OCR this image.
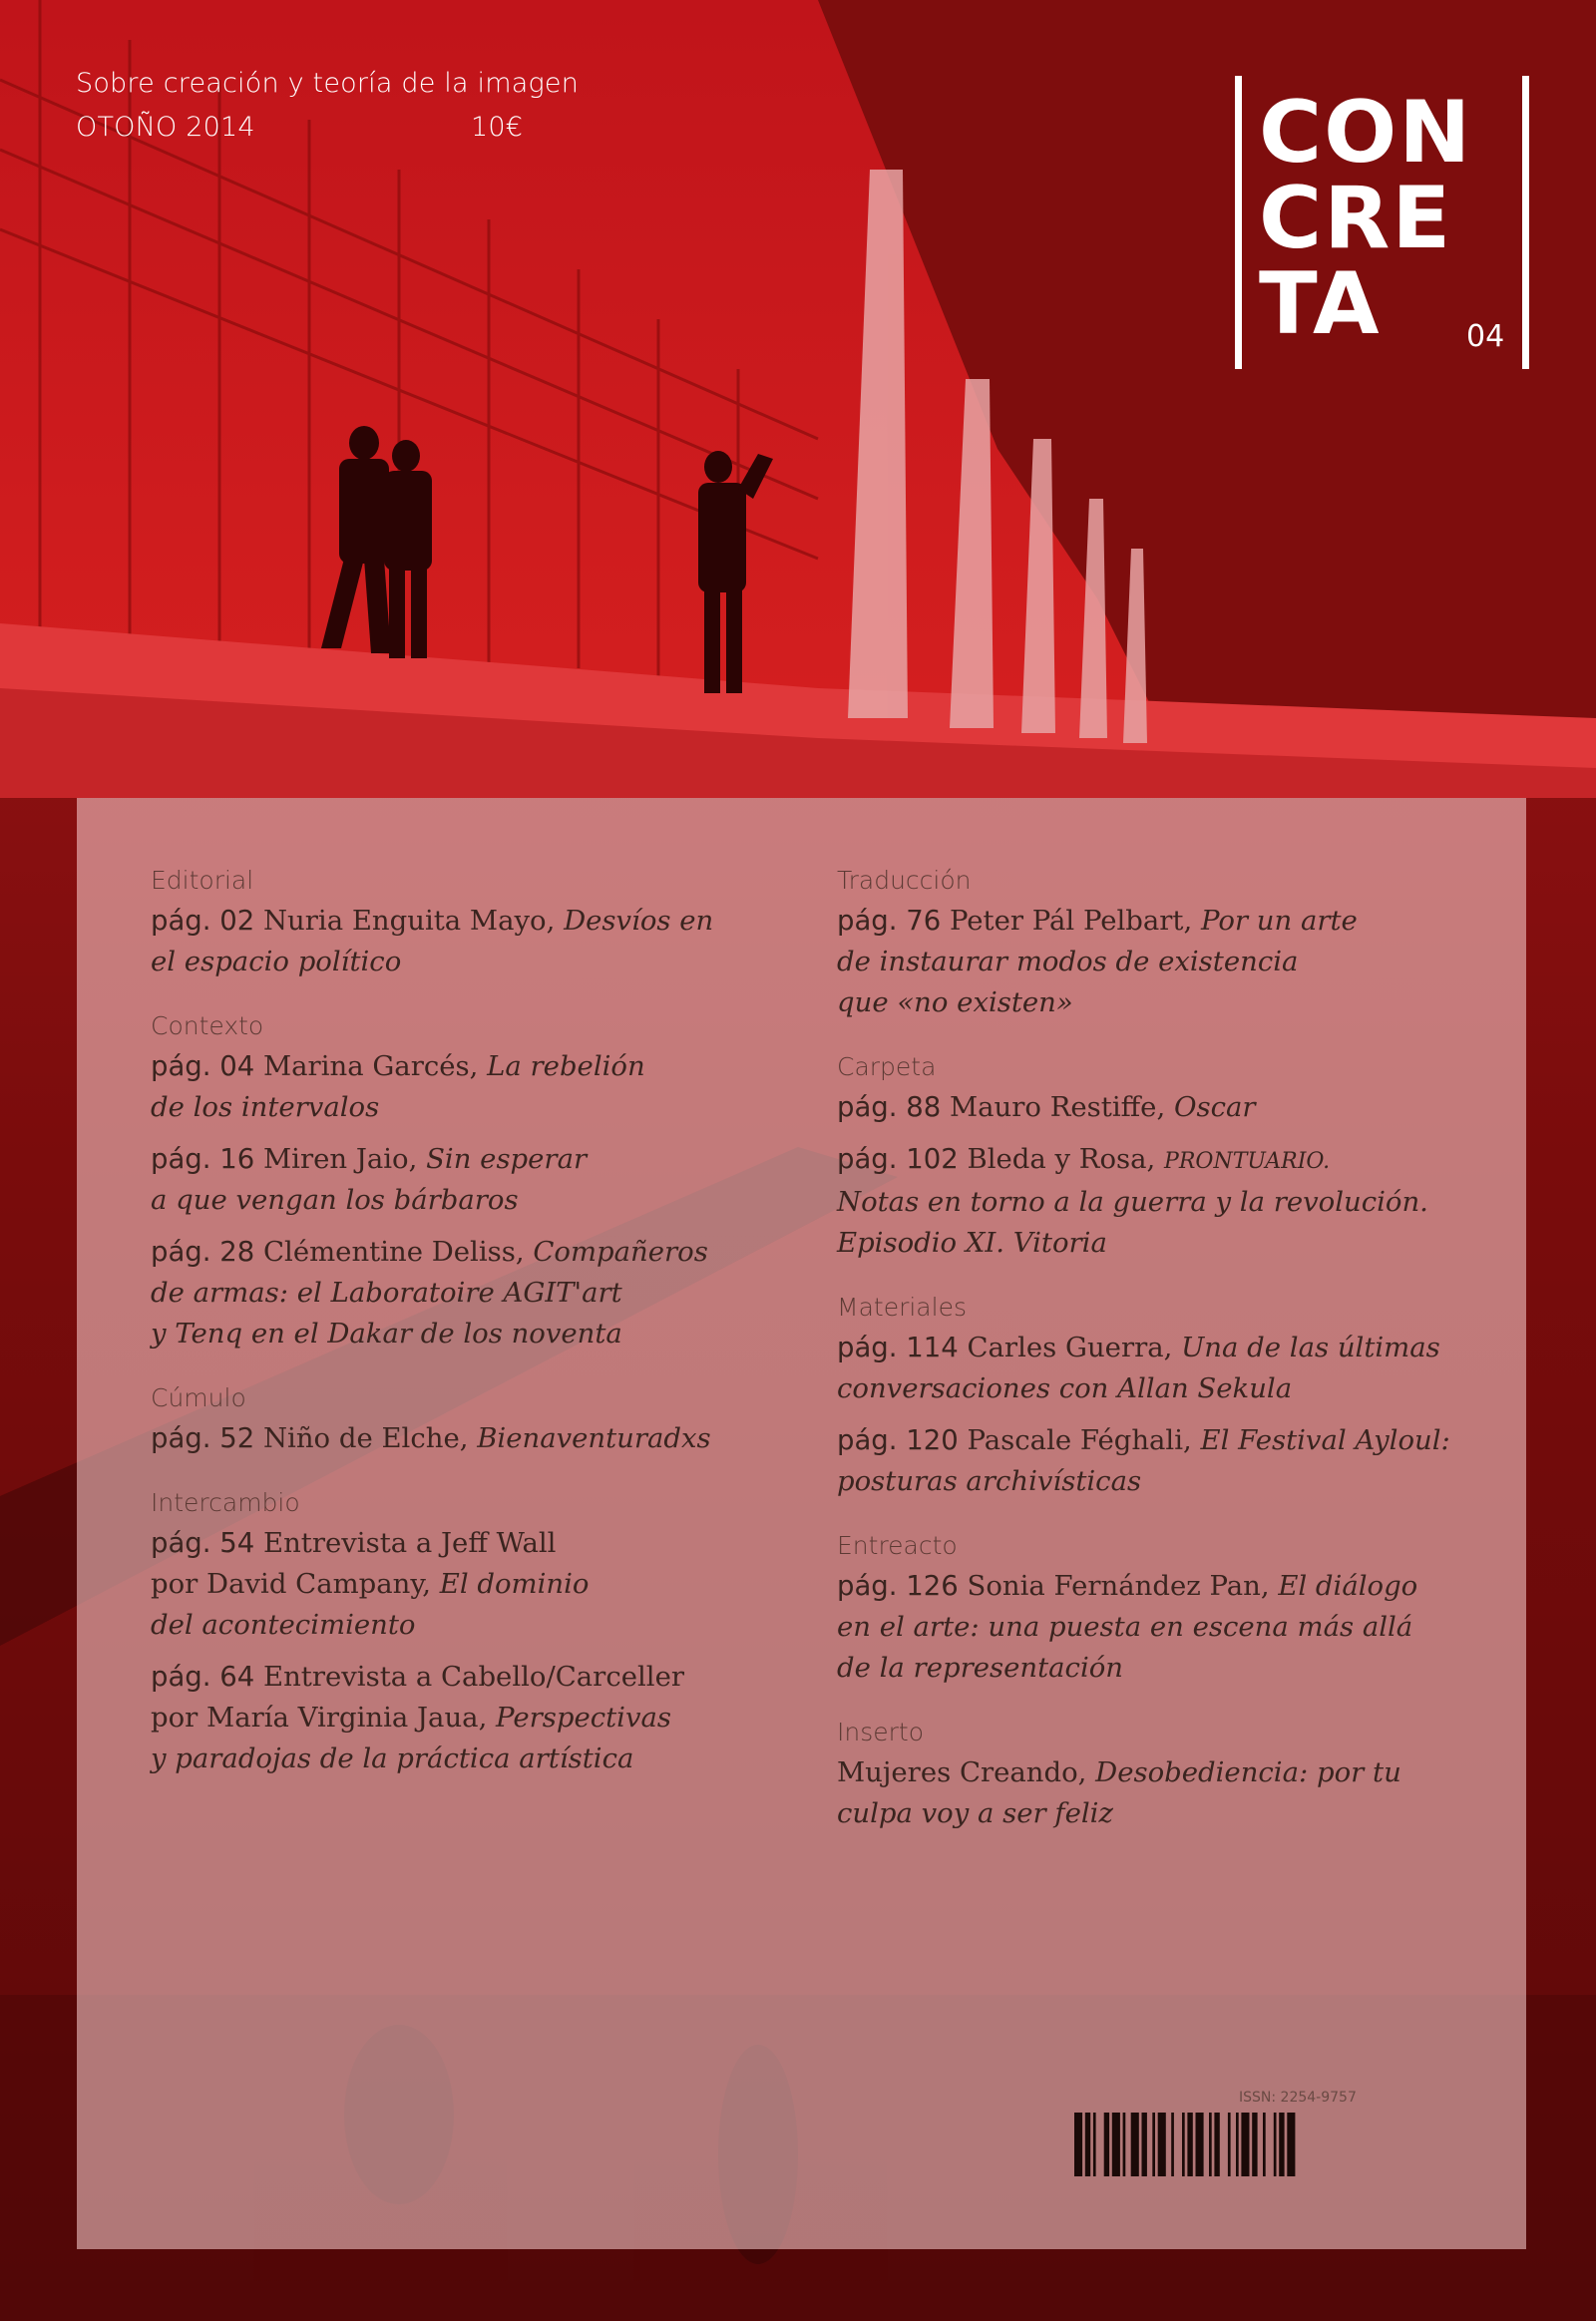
Sobre creación y teoría de la imagen
OTOÑO 2014	10€	CON
CRE
TA	04
Editorial
pág. 02 Nuria Enguita Mayo, Desvíos en
el espacio político
Contexto
pág. 04 Marina Garcés, La rebelión
de los intervalos
pág. 16 Miren Jaio, Sin esperar
a que vengan los bárbaros
pág. 28 Clémentine Deliss, Compañeros
de armas: el Laboratoire AGIT'art
y Tenq en el Dakar de los noventa
Cúmulo
pág. 52 Niño de Elche, Bienaventuradxs
Intercambio
pág. 54 Entrevista a Jeff Wall
por David Campany, El dominio
del acontecimiento
pág. 64 Entrevista a Cabello/Carceller
por María Virginia Jaua, Perspectivas
y paradojas de la práctica artística
Traducción
pág. 76 Peter Pál Pelbart, Por un arte
de instaurar modos de existencia
que «no existen»
Carpeta
pág. 88 Mauro Restiffe, Oscar
pág. 102 Bleda y Rosa, PRONTUARIO.
Notas en torno a la guerra y la revolución.
Episodio XI. Vitoria
Materiales
pág. 114 Carles Guerra, Una de las últimas
conversaciones con Allan Sekula
pág. 120 Pascale Féghali, El Festival Ayloul:
posturas archivísticas
Entreacto
pág. 126 Sonia Fernández Pan, El diálogo
en el arte: una puesta en escena más allá
de la representación
Inserto
Mujeres Creando, Desobediencia: por tu
culpa voy a ser feliz
ISSN: 2254-9757
